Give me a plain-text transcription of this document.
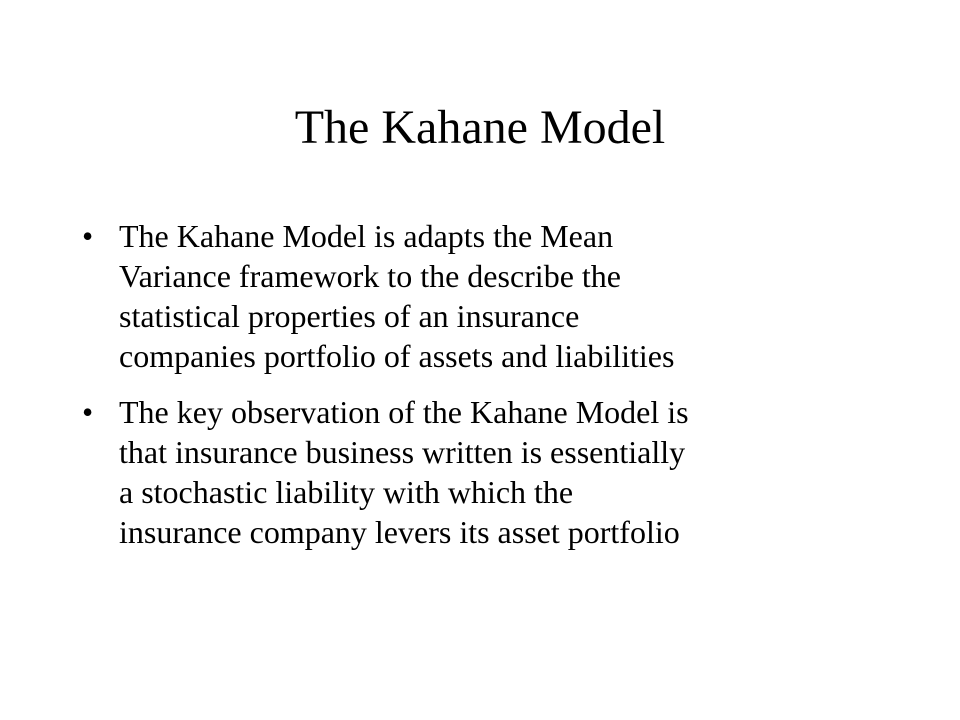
The Kahane Model
• The Kahane Model is adapts the Mean
Variance framework to the describe the
statistical properties of an insurance
companies portfolio of assets and liabilities
• The key observation of the Kahane Model is
that insurance business written is essentially
a stochastic liability with which the
insurance company levers its asset portfolio
